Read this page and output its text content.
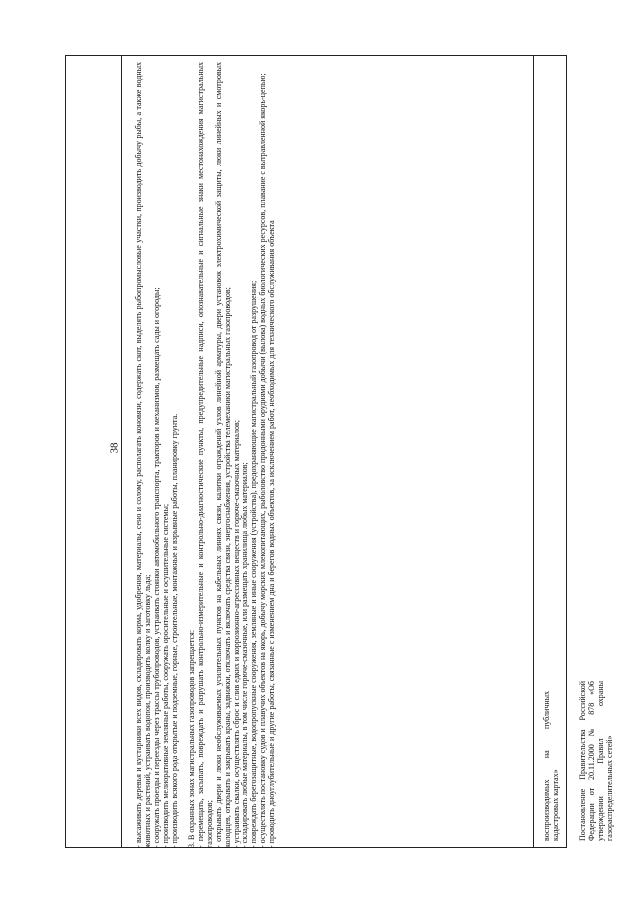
38 - высаживать деревья и кустарники всех видов, складировать корма, удобрения, материалы, сено и солому, располагать коновязи, содержать скот, выделять рыбопромысловые участки, производить добычу рыбы, а также водных животных и растений, устраивать водопои, производить колку и заготовку льда; - сооружать проезды и переезды через трассы трубопроводов, устраивать стоянки автомобильного транспорта, тракторов и механизмов, размещать сады и огороды; - производить мелиоративные земляные работы, сооружать оросительные и осушительные системы; - производить всякого рода открытые и подземные, горные, строительные, монтажные и взрывные работы, планировку грунта. 3. В охранных зонах магистральных газопроводов запрещается: - перемещать, засыпать, повреждать и разрушать контрольно-измерительные и контрольно-диагностические пункты, предупредительные надписи, опознавательные и сигнальные знаки местонахождения магистральных газопроводов; - открывать двери и люки необслуживаемых усилительных пунктов на кабельных линиях связи, калитки ограждений узлов линейной арматуры, двери установок электрохимической защиты, люки линейных и смотровых колодцев, открывать и закрывать краны, задвижки, отключать и включать средства связи, энергоснабжения, устройства телемеханики магистральных газопроводов; - устраивать свалки, осуществлять сброс и слив едких и коррозионно-агрессивных веществ и горюче-смазочных материалов; - складировать любые материалы, в том числе горюче-смазочные, или размещать хранилища любых материалов; - повреждать берегозащитные, водопропускные сооружения, земляные и иные сооружения (устройства), предохраняющие магистральный газопровод от разрушения; - осуществлять постановку судов и плавучих объектов на якорь, добычу морских млекопитающих, рыболовство придонными орудиями добычи (вылова) водных биологических ресурсов, плавание с вытравленной якорь-цепью; - проводить дноуглубительные и другие работы, связанные с изменением дна и берегов водных объектов, за исключением работ, необходимых для технического обслуживания объекта	воспроизводимых на публичных кадастровых картах» Постановление Правительства Российской Федерации от 20.11.2000 № 878 «Об утверждении Правил охраны газораспределительных сетей»
